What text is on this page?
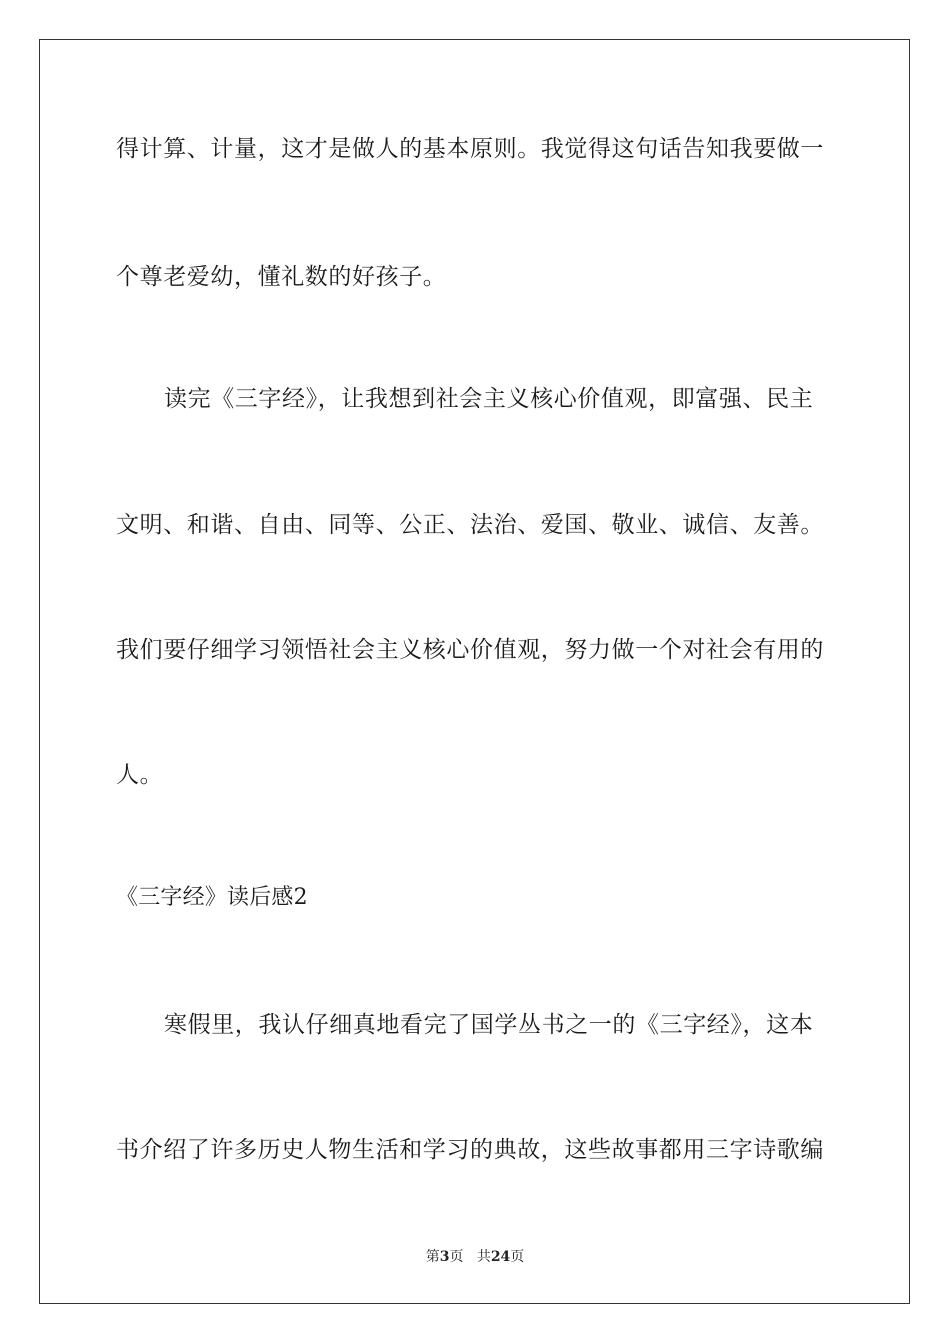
得计算、计量，这才是做人的基本原则。我觉得这句话告知我要做一
个尊老爱幼，懂礼数的好孩子。
读完《三字经》，让我想到社会主义核心价值观，即富强、民主
文明、和谐、自由、同等、公正、法治、爱国、敬业、诚信、友善。
我们要仔细学习领悟社会主义核心价值观，努力做一个对社会有用的
人。
《三字经》读后感2
寒假里，我认仔细真地看完了国学丛书之一的《三字经》，这本
书介绍了许多历史人物生活和学习的典故，这些故事都用三字诗歌编
第3页 共24页
